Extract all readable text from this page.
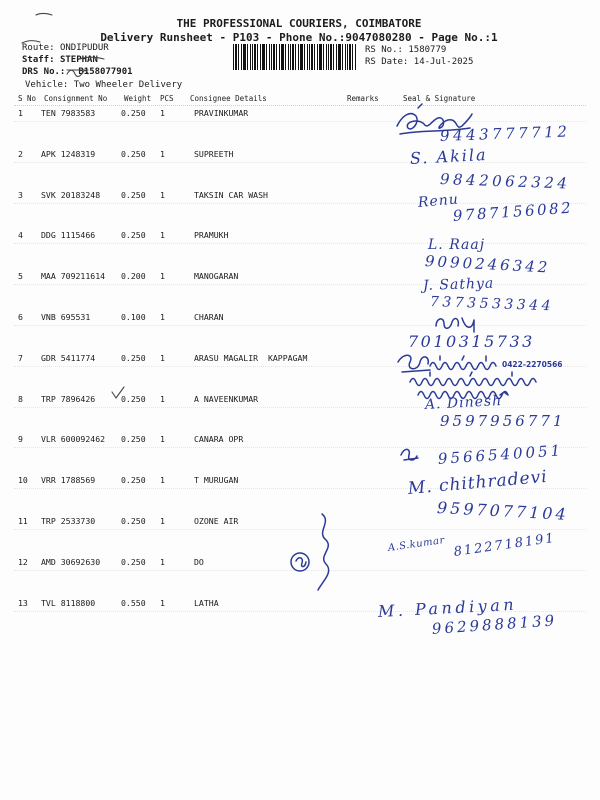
THE PROFESSIONAL COURIERS, COIMBATORE
Delivery Runsheet - P103 - Phone No.:9047080280 - Page No.:1
Route: ONDIPUDUR
Staff: STEPHAN
DRS No.: B158077901
Vehicle: Two Wheeler Delivery
RS No.: 1580779
RS Date: 14-Jul-2025
S No Consignment No Weight PCS Consignee Details	Remarks	Seal & Signature
1 TEN 7983583	0.250 1	PRAVINKUMAR
2 APK 1248319	0.250 1	SUPREETH
3 SVK 20183248	0.250 1	TAKSIN CAR WASH
4 DDG 1115466	0.250 1	PRAMUKH
5 MAA 709211614 0.200 1	MANOGARAN
6 VNB 695531	0.100 1	CHARAN
7 GDR 5411774	0.250 1	ARASU MAGALIR  KAPPAGAM
8 TRP 7896426	0.250 1	A NAVEENKUMAR
9 VLR 600092462 0.250 1	CANARA OPR
10 VRR 1788569	0.250 1	T MURUGAN
11 TRP 2533730	0.250 1	OZONE AIR
12 AMD 30692630	0.250 1	DO
13 TVL 8118800	0.550 1	LATHA
0422-2270566
9443777712
S. Akila
9842062324
Renu
9787156082
L. Raaj
9090246342
J. Sathya
7373533344
7010315733
A. Dinesh
9597956771
9566540051
M. chithradevi
9597077104
A.S.kumar 8122718191
M. Pandiyan
9629888139
